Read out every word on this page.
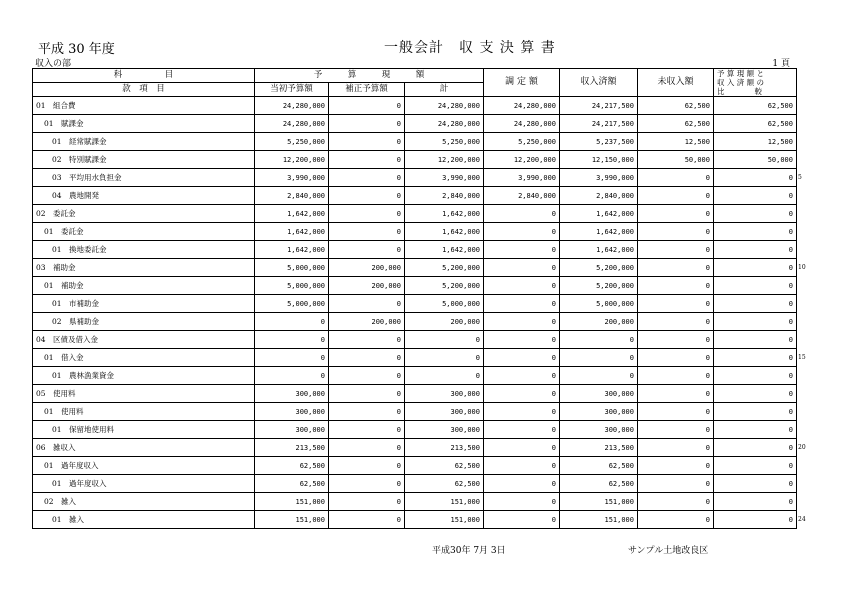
平成 30 年度	一般会計　収 支 決 算 書
収入の部	1 頁
科　　　　　目	予　　　算　　　現　　　額			調 定 額	収入済額	未収入額	予 算 現 額 と
収 入 済 額 の
比　　　　較

款　項　目	当初予算額	補正予算額	計				
01  組合費	24,280,000	0	24,280,000	24,280,000	24,217,500	62,500	62,500
01  賦課金	24,280,000	0	24,280,000	24,280,000	24,217,500	62,500	62,500
01  経常賦課金	5,250,000	0	5,250,000	5,250,000	5,237,500	12,500	12,500
02  特別賦課金	12,200,000	0	12,200,000	12,200,000	12,150,000	50,000	50,000
03  平均用水負担金	3,990,000	0	3,990,000	3,990,000	3,990,000	0	0
04  農地開発	2,840,000	0	2,840,000	2,840,000	2,840,000	0	0
02  委託金	1,642,000	0	1,642,000	0	1,642,000	0	0
01  委託金	1,642,000	0	1,642,000	0	1,642,000	0	0
01  換地委託金	1,642,000	0	1,642,000	0	1,642,000	0	0
03  補助金	5,000,000	200,000	5,200,000	0	5,200,000	0	0
01  補助金	5,000,000	200,000	5,200,000	0	5,200,000	0	0
01  市補助金	5,000,000	0	5,000,000	0	5,000,000	0	0
02  県補助金	0	200,000	200,000	0	200,000	0	0
04  区債及借入金	0	0	0	0	0	0	0
01  借入金	0	0	0	0	0	0	0
01  農林漁業資金	0	0	0	0	0	0	0
05  使用料	300,000	0	300,000	0	300,000	0	0
01  使用料	300,000	0	300,000	0	300,000	0	0
01  保留地使用料	300,000	0	300,000	0	300,000	0	0
06  雑収入	213,500	0	213,500	0	213,500	0	0
01  過年度収入	62,500	0	62,500	0	62,500	0	0
01  過年度収入	62,500	0	62,500	0	62,500	0	0
02  雑入	151,000	0	151,000	0	151,000	0	0
01  雑入	151,000	0	151,000	0	151,000	0	0
5
10
15
20
24
平成30年 7月 3日	サンプル土地改良区
